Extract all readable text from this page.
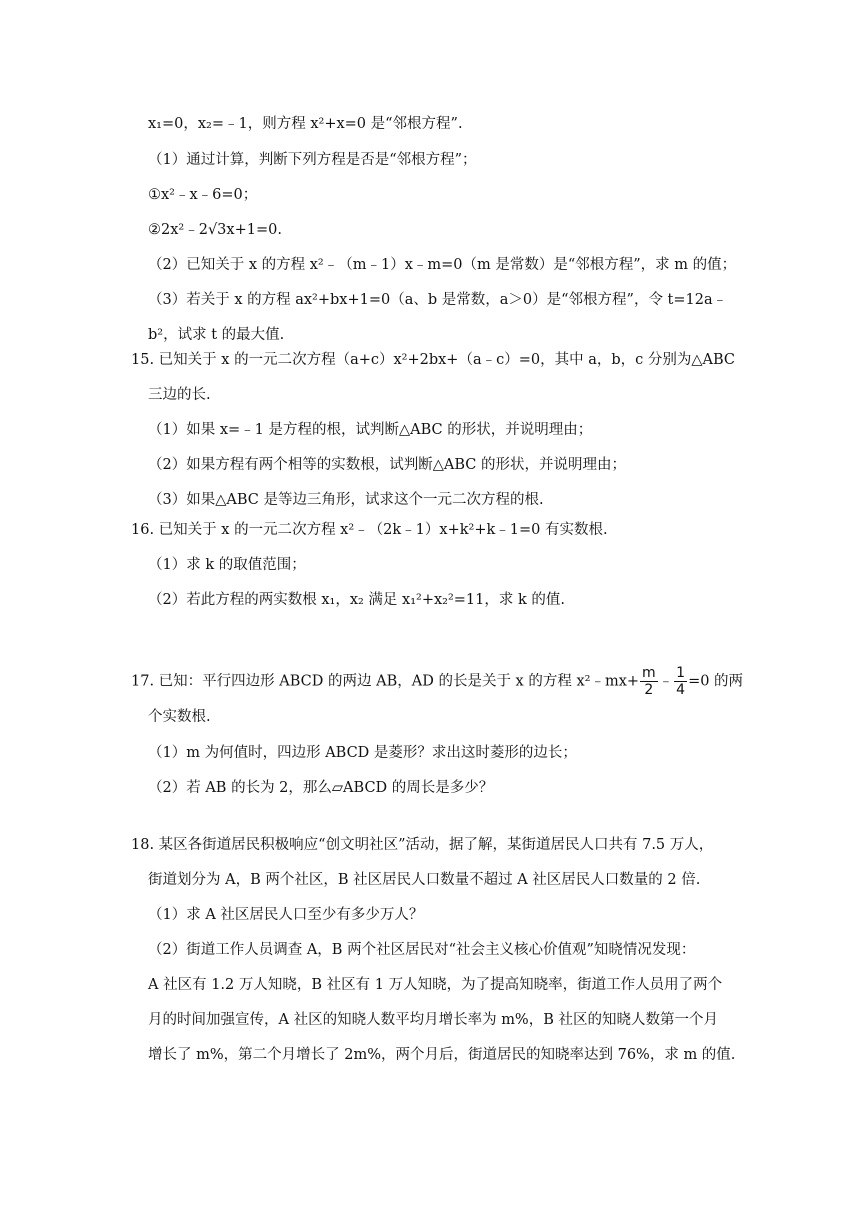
17. 已知：平行四边形 ABCD 的两边 AB，AD 的长是关于 x 的方程 x²﹣mx+ $\frac{m}{2}$ ﹣ $\frac{1}{4} =0$ 的两
x₁=0，x₂=﹣1，则方程 x²+x=0 是“邻根方程”.
（1）通过计算，判断下列方程是否是“邻根方程”；
①x²﹣x﹣6=0；
②2x²﹣2√3x+1=0.
（2）已知关于 x 的方程 x²﹣（m﹣1）x﹣m=0（m 是常数）是“邻根方程”，求 m 的值；
（3）若关于 x 的方程 ax²+bx+1=0（a、b 是常数，a＞0）是“邻根方程”，令 t=12a﹣
b²，试求 t 的最大值.
15. 已知关于 x 的一元二次方程（a+c）x²+2bx+（a﹣c）=0，其中 a，b，c 分别为△ABC
三边的长.
（1）如果 x=﹣1 是方程的根，试判断△ABC 的形状，并说明理由；
（2）如果方程有两个相等的实数根，试判断△ABC 的形状，并说明理由；
（3）如果△ABC 是等边三角形，试求这个一元二次方程的根.
16. 已知关于 x 的一元二次方程 x²﹣（2k﹣1）x+k²+k﹣1=0 有实数根.
（1）求 k 的取值范围；
（2）若此方程的两实数根 x₁，x₂ 满足 x₁²+x₂²=11，求 k 的值.
个实数根.
（1）m 为何值时，四边形 ABCD 是菱形？求出这时菱形的边长；
（2）若 AB 的长为 2，那么▱ABCD 的周长是多少？
18. 某区各街道居民积极响应“创文明社区”活动，据了解，某街道居民人口共有 7.5 万人，
街道划分为 A，B 两个社区，B 社区居民人口数量不超过 A 社区居民人口数量的 2 倍.
（1）求 A 社区居民人口至少有多少万人？
（2）街道工作人员调查 A，B 两个社区居民对“社会主义核心价值观”知晓情况发现：
A 社区有 1.2 万人知晓，B 社区有 1 万人知晓，为了提高知晓率，街道工作人员用了两个
月的时间加强宣传，A 社区的知晓人数平均月增长率为 m%，B 社区的知晓人数第一个月
增长了 m%，第二个月增长了 2m%，两个月后，街道居民的知晓率达到 76%，求 m 的值.
